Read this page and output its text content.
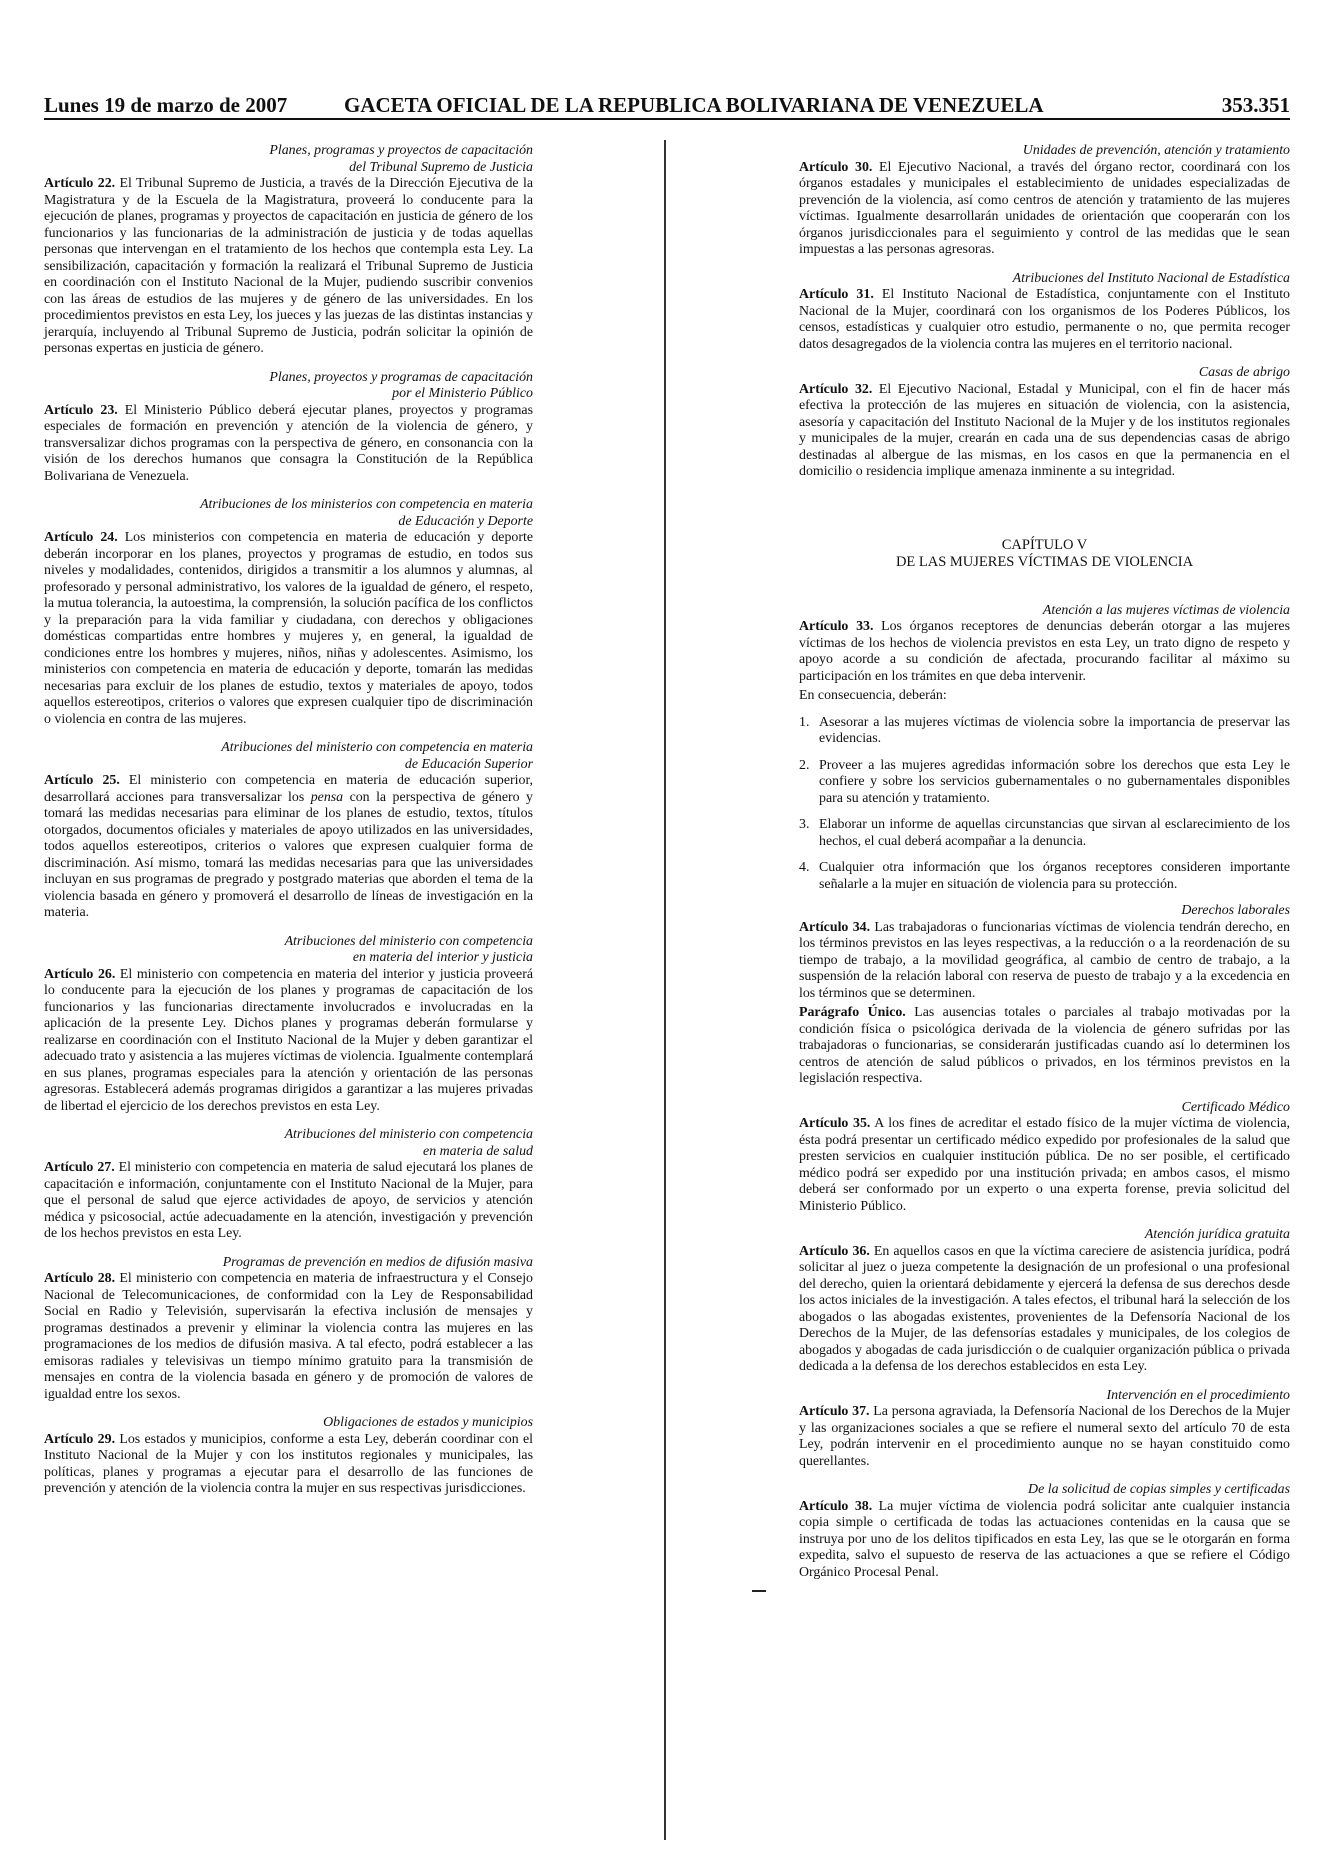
Lunes 19 de marzo de 2007	GACETA OFICIAL DE LA REPUBLICA BOLIVARIANA DE VENEZUELA	353.351

Planes, programas y proyectos de capacitación
del Tribunal Supremo de Justicia

Artículo 22. El Tribunal Supremo de Justicia, a través de la Dirección Ejecutiva de la Magistratura y de la Escuela de la Magistratura, proveerá lo conducente para la ejecución de planes, programas y proyectos de capacitación en justicia de género de los funcionarios y las funcionarias de la administración de justicia y de todas aquellas personas que intervengan en el tratamiento de los hechos que contempla esta Ley. La sensibilización, capacitación y formación la realizará el Tribunal Supremo de Justicia en coordinación con el Instituto Nacional de la Mujer, pudiendo suscribir convenios con las áreas de estudios de las mujeres y de género de las universidades. En los procedimientos previstos en esta Ley, los jueces y las juezas de las distintas instancias y jerarquía, incluyendo al Tribunal Supremo de Justicia, podrán solicitar la opinión de personas expertas en justicia de género.

Planes, proyectos y programas de capacitación
por el Ministerio Público

Artículo 23. El Ministerio Público deberá ejecutar planes, proyectos y programas especiales de formación en prevención y atención de la violencia de género, y transversalizar dichos programas con la perspectiva de género, en consonancia con la visión de los derechos humanos que consagra la Constitución de la República Bolivariana de Venezuela.

Atribuciones de los ministerios con competencia en materia
de Educación y Deporte

Artículo 24. Los ministerios con competencia en materia de educación y deporte deberán incorporar en los planes, proyectos y programas de estudio, en todos sus niveles y modalidades, contenidos, dirigidos a transmitir a los alumnos y alumnas, al profesorado y personal administrativo, los valores de la igualdad de género, el respeto, la mutua tolerancia, la autoestima, la comprensión, la solución pacífica de los conflictos y la preparación para la vida familiar y ciudadana, con derechos y obligaciones domésticas compartidas entre hombres y mujeres y, en general, la igualdad de condiciones entre los hombres y mujeres, niños, niñas y adolescentes. Asimismo, los ministerios con competencia en materia de educación y deporte, tomarán las medidas necesarias para excluir de los planes de estudio, textos y materiales de apoyo, todos aquellos estereotipos, criterios o valores que expresen cualquier tipo de discriminación o violencia en contra de las mujeres.

Atribuciones del ministerio con competencia en materia
de Educación Superior

Artículo 25. El ministerio con competencia en materia de educación superior, desarrollará acciones para transversalizar los pensa con la perspectiva de género y tomará las medidas necesarias para eliminar de los planes de estudio, textos, títulos otorgados, documentos oficiales y materiales de apoyo utilizados en las universidades, todos aquellos estereotipos, criterios o valores que expresen cualquier forma de discriminación. Así mismo, tomará las medidas necesarias para que las universidades incluyan en sus programas de pregrado y postgrado materias que aborden el tema de la violencia basada en género y promoverá el desarrollo de líneas de investigación en la materia.

Atribuciones del ministerio con competencia
en materia del interior y justicia

Artículo 26. El ministerio con competencia en materia del interior y justicia proveerá lo conducente para la ejecución de los planes y programas de capacitación de los funcionarios y las funcionarias directamente involucrados e involucradas en la aplicación de la presente Ley. Dichos planes y programas deberán formularse y realizarse en coordinación con el Instituto Nacional de la Mujer y deben garantizar el adecuado trato y asistencia a las mujeres víctimas de violencia. Igualmente contemplará en sus planes, programas especiales para la atención y orientación de las personas agresoras. Establecerá además programas dirigidos a garantizar a las mujeres privadas de libertad el ejercicio de los derechos previstos en esta Ley.

Atribuciones del ministerio con competencia
en materia de salud

Artículo 27. El ministerio con competencia en materia de salud ejecutará los planes de capacitación e información, conjuntamente con el Instituto Nacional de la Mujer, para que el personal de salud que ejerce actividades de apoyo, de servicios y atención médica y psicosocial, actúe adecuadamente en la atención, investigación y prevención de los hechos previstos en esta Ley.

Programas de prevención en medios de difusión masiva

Artículo 28. El ministerio con competencia en materia de infraestructura y el Consejo Nacional de Telecomunicaciones, de conformidad con la Ley de Responsabilidad Social en Radio y Televisión, supervisarán la efectiva inclusión de mensajes y programas destinados a prevenir y eliminar la violencia contra las mujeres en las programaciones de los medios de difusión masiva. A tal efecto, podrá establecer a las emisoras radiales y televisivas un tiempo mínimo gratuito para la transmisión de mensajes en contra de la violencia basada en género y de promoción de valores de igualdad entre los sexos.

Obligaciones de estados y municipios

Artículo 29. Los estados y municipios, conforme a esta Ley, deberán coordinar con el Instituto Nacional de la Mujer y con los institutos regionales y municipales, las políticas, planes y programas a ejecutar para el desarrollo de las funciones de prevención y atención de la violencia contra la mujer en sus respectivas jurisdicciones.

Unidades de prevención, atención y tratamiento

Artículo 30. El Ejecutivo Nacional, a través del órgano rector, coordinará con los órganos estadales y municipales el establecimiento de unidades especializadas de prevención de la violencia, así como centros de atención y tratamiento de las mujeres víctimas. Igualmente desarrollarán unidades de orientación que cooperarán con los órganos jurisdiccionales para el seguimiento y control de las medidas que le sean impuestas a las personas agresoras.

Atribuciones del Instituto Nacional de Estadística

Artículo 31. El Instituto Nacional de Estadística, conjuntamente con el Instituto Nacional de la Mujer, coordinará con los organismos de los Poderes Públicos, los censos, estadísticas y cualquier otro estudio, permanente o no, que permita recoger datos desagregados de la violencia contra las mujeres en el territorio nacional.

Casas de abrigo

Artículo 32. El Ejecutivo Nacional, Estadal y Municipal, con el fin de hacer más efectiva la protección de las mujeres en situación de violencia, con la asistencia, asesoría y capacitación del Instituto Nacional de la Mujer y de los institutos regionales y municipales de la mujer, crearán en cada una de sus dependencias casas de abrigo destinadas al albergue de las mismas, en los casos en que la permanencia en el domicilio o residencia implique amenaza inminente a su integridad.

CAPÍTULO V
DE LAS MUJERES VÍCTIMAS DE VIOLENCIA

Atención a las mujeres víctimas de violencia

Artículo 33. Los órganos receptores de denuncias deberán otorgar a las mujeres víctimas de los hechos de violencia previstos en esta Ley, un trato digno de respeto y apoyo acorde a su condición de afectada, procurando facilitar al máximo su participación en los trámites en que deba intervenir.

En consecuencia, deberán:

1. Asesorar a las mujeres víctimas de violencia sobre la importancia de preservar las evidencias.
2. Proveer a las mujeres agredidas información sobre los derechos que esta Ley le confiere y sobre los servicios gubernamentales o no gubernamentales disponibles para su atención y tratamiento.
3. Elaborar un informe de aquellas circunstancias que sirvan al esclarecimiento de los hechos, el cual deberá acompañar a la denuncia.
4. Cualquier otra información que los órganos receptores consideren importante señalarle a la mujer en situación de violencia para su protección.

Derechos laborales

Artículo 34. Las trabajadoras o funcionarias víctimas de violencia tendrán derecho, en los términos previstos en las leyes respectivas, a la reducción o a la reordenación de su tiempo de trabajo, a la movilidad geográfica, al cambio de centro de trabajo, a la suspensión de la relación laboral con reserva de puesto de trabajo y a la excedencia en los términos que se determinen.

Parágrafo Único. Las ausencias totales o parciales al trabajo motivadas por la condición física o psicológica derivada de la violencia de género sufridas por las trabajadoras o funcionarias, se considerarán justificadas cuando así lo determinen los centros de atención de salud públicos o privados, en los términos previstos en la legislación respectiva.

Certificado Médico

Artículo 35. A los fines de acreditar el estado físico de la mujer víctima de violencia, ésta podrá presentar un certificado médico expedido por profesionales de la salud que presten servicios en cualquier institución pública. De no ser posible, el certificado médico podrá ser expedido por una institución privada; en ambos casos, el mismo deberá ser conformado por un experto o una experta forense, previa solicitud del Ministerio Público.

Atención jurídica gratuita

Artículo 36. En aquellos casos en que la víctima careciere de asistencia jurídica, podrá solicitar al juez o jueza competente la designación de un profesional o una profesional del derecho, quien la orientará debidamente y ejercerá la defensa de sus derechos desde los actos iniciales de la investigación. A tales efectos, el tribunal hará la selección de los abogados o las abogadas existentes, provenientes de la Defensoría Nacional de los Derechos de la Mujer, de las defensorías estadales y municipales, de los colegios de abogados y abogadas de cada jurisdicción o de cualquier organización pública o privada dedicada a la defensa de los derechos establecidos en esta Ley.

Intervención en el procedimiento

Artículo 37. La persona agraviada, la Defensoría Nacional de los Derechos de la Mujer y las organizaciones sociales a que se refiere el numeral sexto del artículo 70 de esta Ley, podrán intervenir en el procedimiento aunque no se hayan constituido como querellantes.

De la solicitud de copias simples y certificadas

Artículo 38. La mujer víctima de violencia podrá solicitar ante cualquier instancia copia simple o certificada de todas las actuaciones contenidas en la causa que se instruya por uno de los delitos tipificados en esta Ley, las que se le otorgarán en forma expedita, salvo el supuesto de reserva de las actuaciones a que se refiere el Código Orgánico Procesal Penal.
